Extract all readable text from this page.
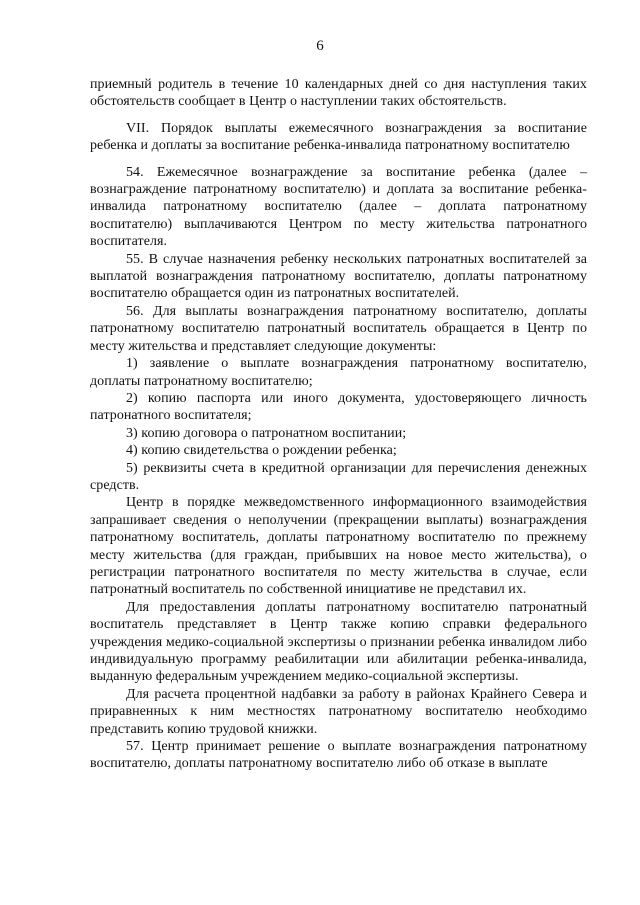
6

приемный родитель в течение 10 календарных дней со дня наступления таких обстоятельств сообщает в Центр о наступлении таких обстоятельств.

VII. Порядок выплаты ежемесячного вознаграждения за воспитание ребенка и доплаты за воспитание ребенка-инвалида патронатному воспитателю

54. Ежемесячное вознаграждение за воспитание ребенка (далее – вознаграждение патронатному воспитателю) и доплата за воспитание ребенка-инвалида патронатному воспитателю (далее – доплата патронатному воспитателю) выплачиваются Центром по месту жительства патронатного воспитателя.

55. В случае назначения ребенку нескольких патронатных воспитателей за выплатой вознаграждения патронатному воспитателю, доплаты патронатному воспитателю обращается один из патронатных воспитателей.

56. Для выплаты вознаграждения патронатному воспитателю, доплаты патронатному воспитателю патронатный воспитатель обращается в Центр по месту жительства и представляет следующие документы:

1) заявление о выплате вознаграждения патронатному воспитателю, доплаты патронатному воспитателю;

2) копию паспорта или иного документа, удостоверяющего личность патронатного воспитателя;

3) копию договора о патронатном воспитании;

4) копию свидетельства о рождении ребенка;

5) реквизиты счета в кредитной организации для перечисления денежных средств.

Центр в порядке межведомственного информационного взаимодействия запрашивает сведения о неполучении (прекращении выплаты) вознаграждения патронатному воспитатель, доплаты патронатному воспитателю по прежнему месту жительства (для граждан, прибывших на новое место жительства), о регистрации патронатного воспитателя по месту жительства в случае, если патронатный воспитатель по собственной инициативе не представил их.

Для предоставления доплаты патронатному воспитателю патронатный воспитатель представляет в Центр также копию справки федерального учреждения медико-социальной экспертизы о признании ребенка инвалидом либо индивидуальную программу реабилитации или абилитации ребенка-инвалида, выданную федеральным учреждением медико-социальной экспертизы.

Для расчета процентной надбавки за работу в районах Крайнего Севера и приравненных к ним местностях патронатному воспитателю необходимо представить копию трудовой книжки.

57. Центр принимает решение о выплате вознаграждения патронатному воспитателю, доплаты патронатному воспитателю либо об отказе в выплате
